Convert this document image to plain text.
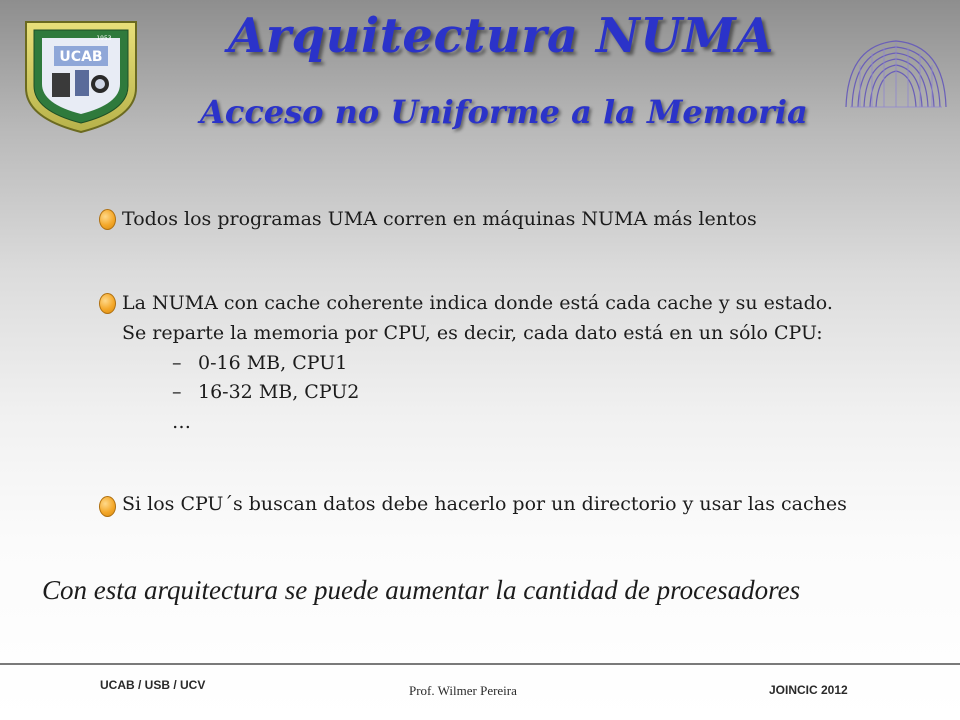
UCAB
1953	UCV
Arquitectura NUMA
Acceso no Uniforme a la Memoria
Todos los programas UMA corren en máquinas NUMA más lentos
La NUMA con cache coherente indica donde está cada cache y su estado.
Se reparte la memoria por CPU, es decir, cada dato está en un sólo CPU:
– 0-16 MB, CPU1
– 16-32 MB, CPU2
…
Si los CPU´s buscan datos debe hacerlo por un directorio y usar las caches

Con esta arquitectura se puede aumentar la cantidad de procesadores

UCAB / USB / UCV	Prof. Wilmer Pereira	JOINCIC 2012
